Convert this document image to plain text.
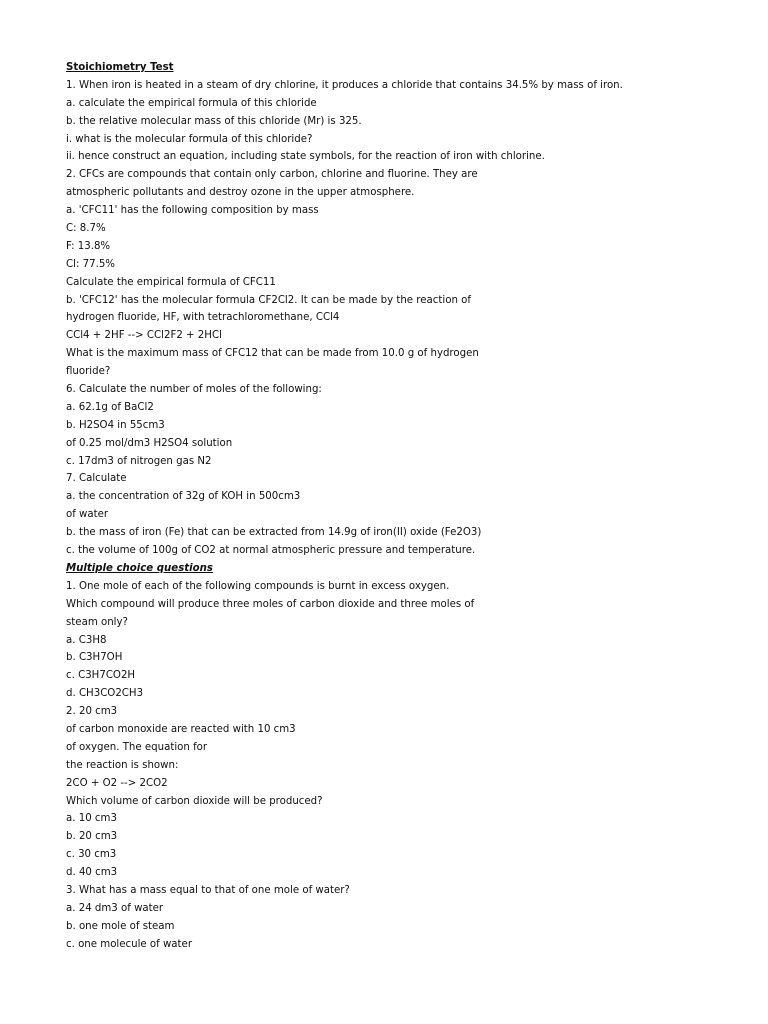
Stoichiometry Test
1. When iron is heated in a steam of dry chlorine, it produces a chloride that contains 34.5% by mass of iron.
a. calculate the empirical formula of this chloride
b. the relative molecular mass of this chloride (Mr) is 325.
i. what is the molecular formula of this chloride?
ii. hence construct an equation, including state symbols, for the reaction of iron with chlorine.
2. CFCs are compounds that contain only carbon, chlorine and fluorine. They are
atmospheric pollutants and destroy ozone in the upper atmosphere.
a. 'CFC11' has the following composition by mass
C: 8.7%
F: 13.8%
Cl: 77.5%
Calculate the empirical formula of CFC11
b. 'CFC12' has the molecular formula CF2Cl2. It can be made by the reaction of
hydrogen fluoride, HF, with tetrachloromethane, CCl4
CCl4 + 2HF --> CCl2F2 + 2HCl
What is the maximum mass of CFC12 that can be made from 10.0 g of hydrogen
fluoride?
6. Calculate the number of moles of the following:
a. 62.1g of BaCl2
b. H2SO4 in 55cm3
of 0.25 mol/dm3 H2SO4 solution
c. 17dm3 of nitrogen gas N2
7. Calculate
a. the concentration of 32g of KOH in 500cm3
of water
b. the mass of iron (Fe) that can be extracted from 14.9g of iron(II) oxide (Fe2O3)
c. the volume of 100g of CO2 at normal atmospheric pressure and temperature.
Multiple choice questions
1. One mole of each of the following compounds is burnt in excess oxygen.
Which compound will produce three moles of carbon dioxide and three moles of
steam only?
a. C3H8
b. C3H7OH
c. C3H7CO2H
d. CH3CO2CH3
2. 20 cm3
of carbon monoxide are reacted with 10 cm3
of oxygen. The equation for
the reaction is shown:
2CO + O2 --> 2CO2
Which volume of carbon dioxide will be produced?
a. 10 cm3
b. 20 cm3
c. 30 cm3
d. 40 cm3
3. What has a mass equal to that of one mole of water?
a. 24 dm3 of water
b. one mole of steam
c. one molecule of water
